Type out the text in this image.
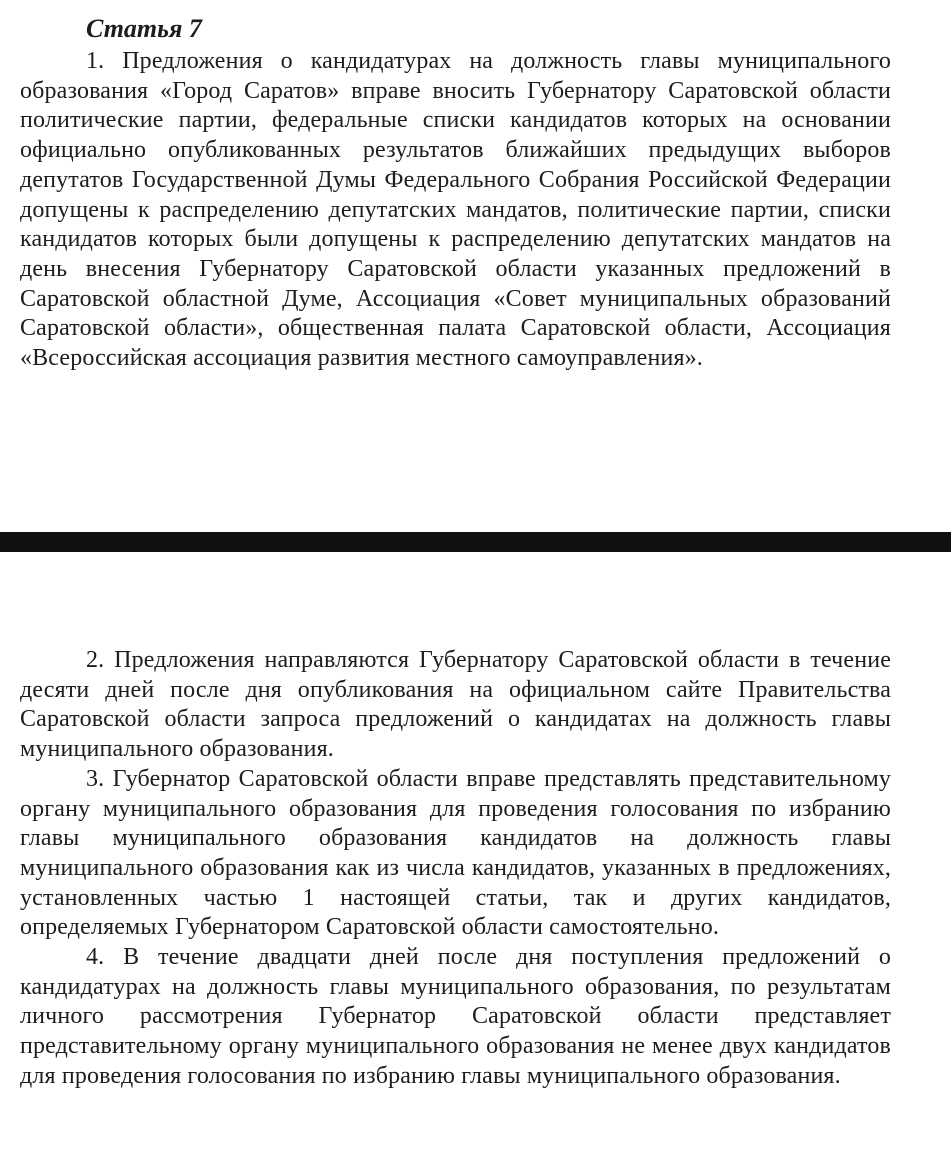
Статья 7

1. Предложения о кандидатурах на должность главы муниципального образования «Город Саратов» вправе вносить Губернатору Саратовской области политические партии, федеральные списки кандидатов которых на основании официально опубликованных результатов ближайших предыдущих выборов депутатов Государственной Думы Федерального Собрания Российской Федерации допущены к распределению депутатских мандатов, политические партии, списки кандидатов которых были допущены к распределению депутатских мандатов на день внесения Губернатору Саратовской области указанных предложений в Саратовской областной Думе, Ассоциация «Совет муниципальных образований Саратовской области», общественная палата Саратовской области, Ассоциация «Всероссийская ассоциация развития местного самоуправления».

2. Предложения направляются Губернатору Саратовской области в течение десяти дней после дня опубликования на официальном сайте Правительства Саратовской области запроса предложений о кандидатах на должность главы муниципального образования.

3. Губернатор Саратовской области вправе представлять представительному органу муниципального образования для проведения голосования по избранию главы муниципального образования кандидатов на должность главы муниципального образования как из числа кандидатов, указанных в предложениях, установленных частью 1 настоящей статьи, так и других кандидатов, определяемых Губернатором Саратовской области самостоятельно.

4. В течение двадцати дней после дня поступления предложений о кандидатурах на должность главы муниципального образования, по результатам личного рассмотрения Губернатор Саратовской области представляет представительному органу муниципального образования не менее двух кандидатов для проведения голосования по избранию главы муниципального образования.
